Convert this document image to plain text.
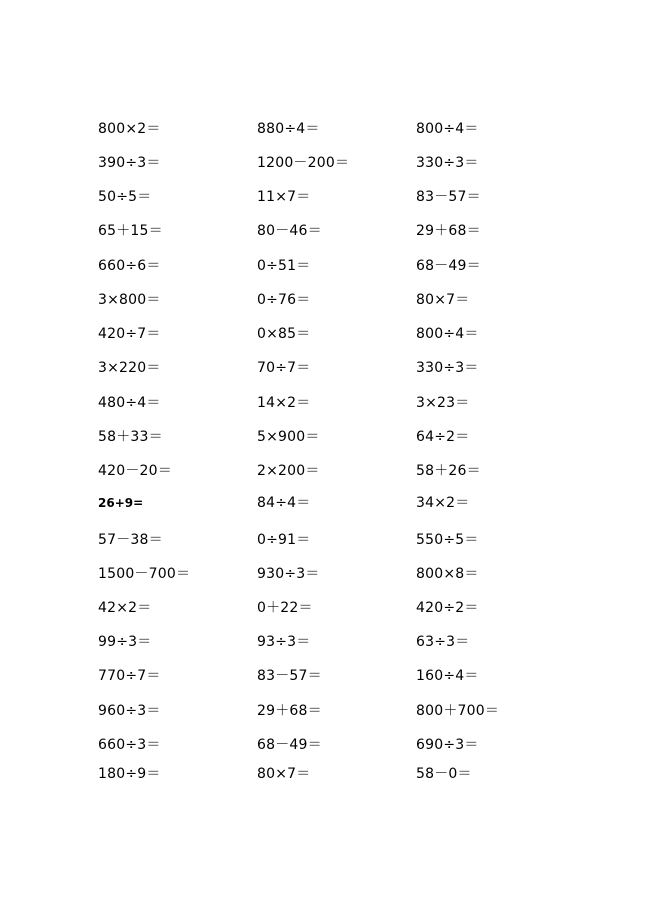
800×2＝	880÷4＝	800÷4＝
390÷3＝	1200－200＝	330÷3＝
50÷5＝	11×7＝	83－57＝
65＋15＝	80－46＝	29＋68＝
660÷6＝	0÷51＝	68－49＝
3×800＝	0÷76＝	80×7＝
420÷7＝	0×85＝	800÷4＝
3×220＝	70÷7＝	330÷3＝
480÷4＝	14×2＝	3×23＝
58＋33＝	5×900＝	64÷2＝
420－20＝	2×200＝	58＋26＝
26+9=	84÷4＝	34×2＝
57－38＝	0÷91＝	550÷5＝
1500－700＝	930÷3＝	800×8＝
42×2＝	0＋22＝	420÷2＝
99÷3＝	93÷3＝	63÷3＝
770÷7＝	83－57＝	160÷4＝
960÷3＝	29＋68＝	800＋700＝
660÷3＝	68－49＝	690÷3＝
180÷9＝	80×7＝	58－0＝
